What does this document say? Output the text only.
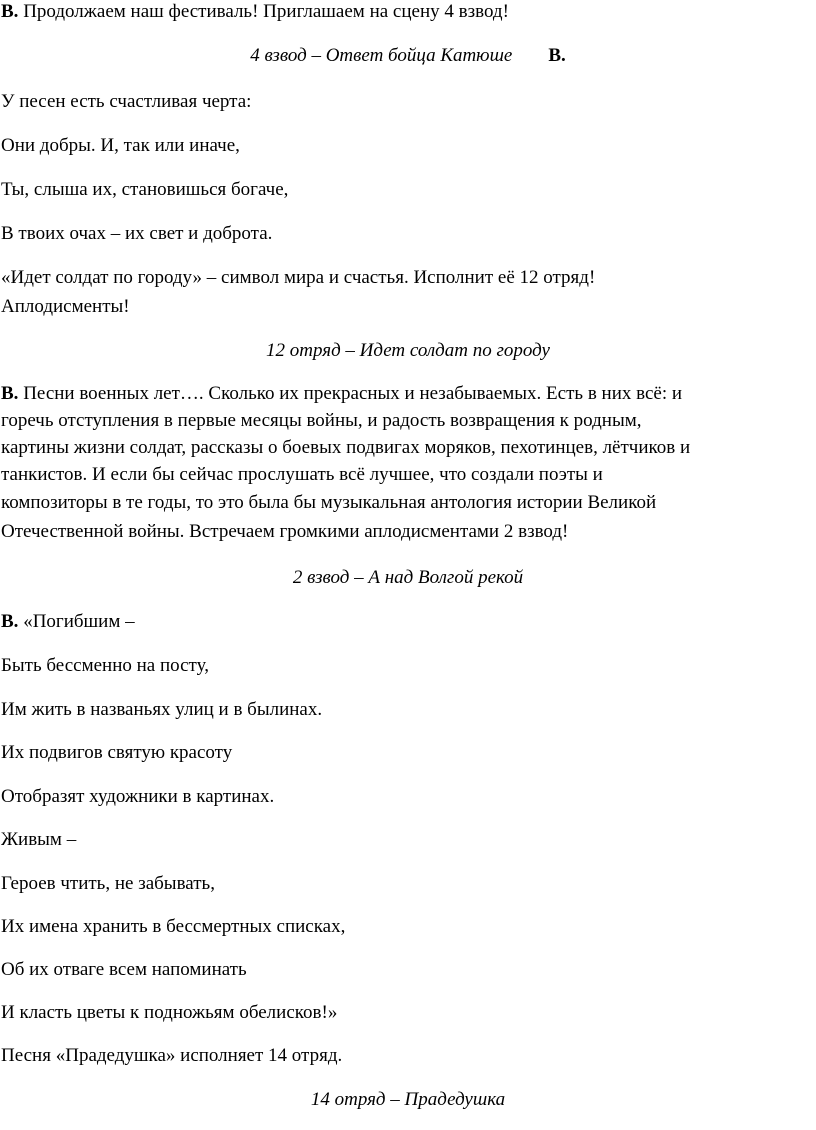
В. Продолжаем наш фестиваль! Приглашаем на сцену 4 взвод!
4 взвод – Ответ бойца Катюше В.
У песен есть счастливая черта:
Они добры. И, так или иначе,
Ты, слыша их, становишься богаче,
В твоих очах – их свет и доброта.
«Идет солдат по городу» – символ мира и счастья. Исполнит её 12 отряд!
Аплодисменты!
12 отряд – Идет солдат по городу
В. Песни военных лет…. Сколько их прекрасных и незабываемых. Есть в них всё: и
горечь отступления в первые месяцы войны, и радость возвращения к родным,
картины жизни солдат, рассказы о боевых подвигах моряков, пехотинцев, лётчиков и
танкистов. И если бы сейчас прослушать всё лучшее, что создали поэты и
композиторы в те годы, то это была бы музыкальная антология истории Великой
Отечественной войны. Встречаем громкими аплодисментами 2 взвод!
2 взвод – А над Волгой рекой
В. «Погибшим –
Быть бессменно на посту,
Им жить в названьях улиц и в былинах.
Их подвигов святую красоту
Отобразят художники в картинах.
Живым –
Героев чтить, не забывать,
Их имена хранить в бессмертных списках,
Об их отваге всем напоминать
И класть цветы к подножьям обелисков!»
Песня «Прадедушка» исполняет 14 отряд.
14 отряд – Прадедушка
